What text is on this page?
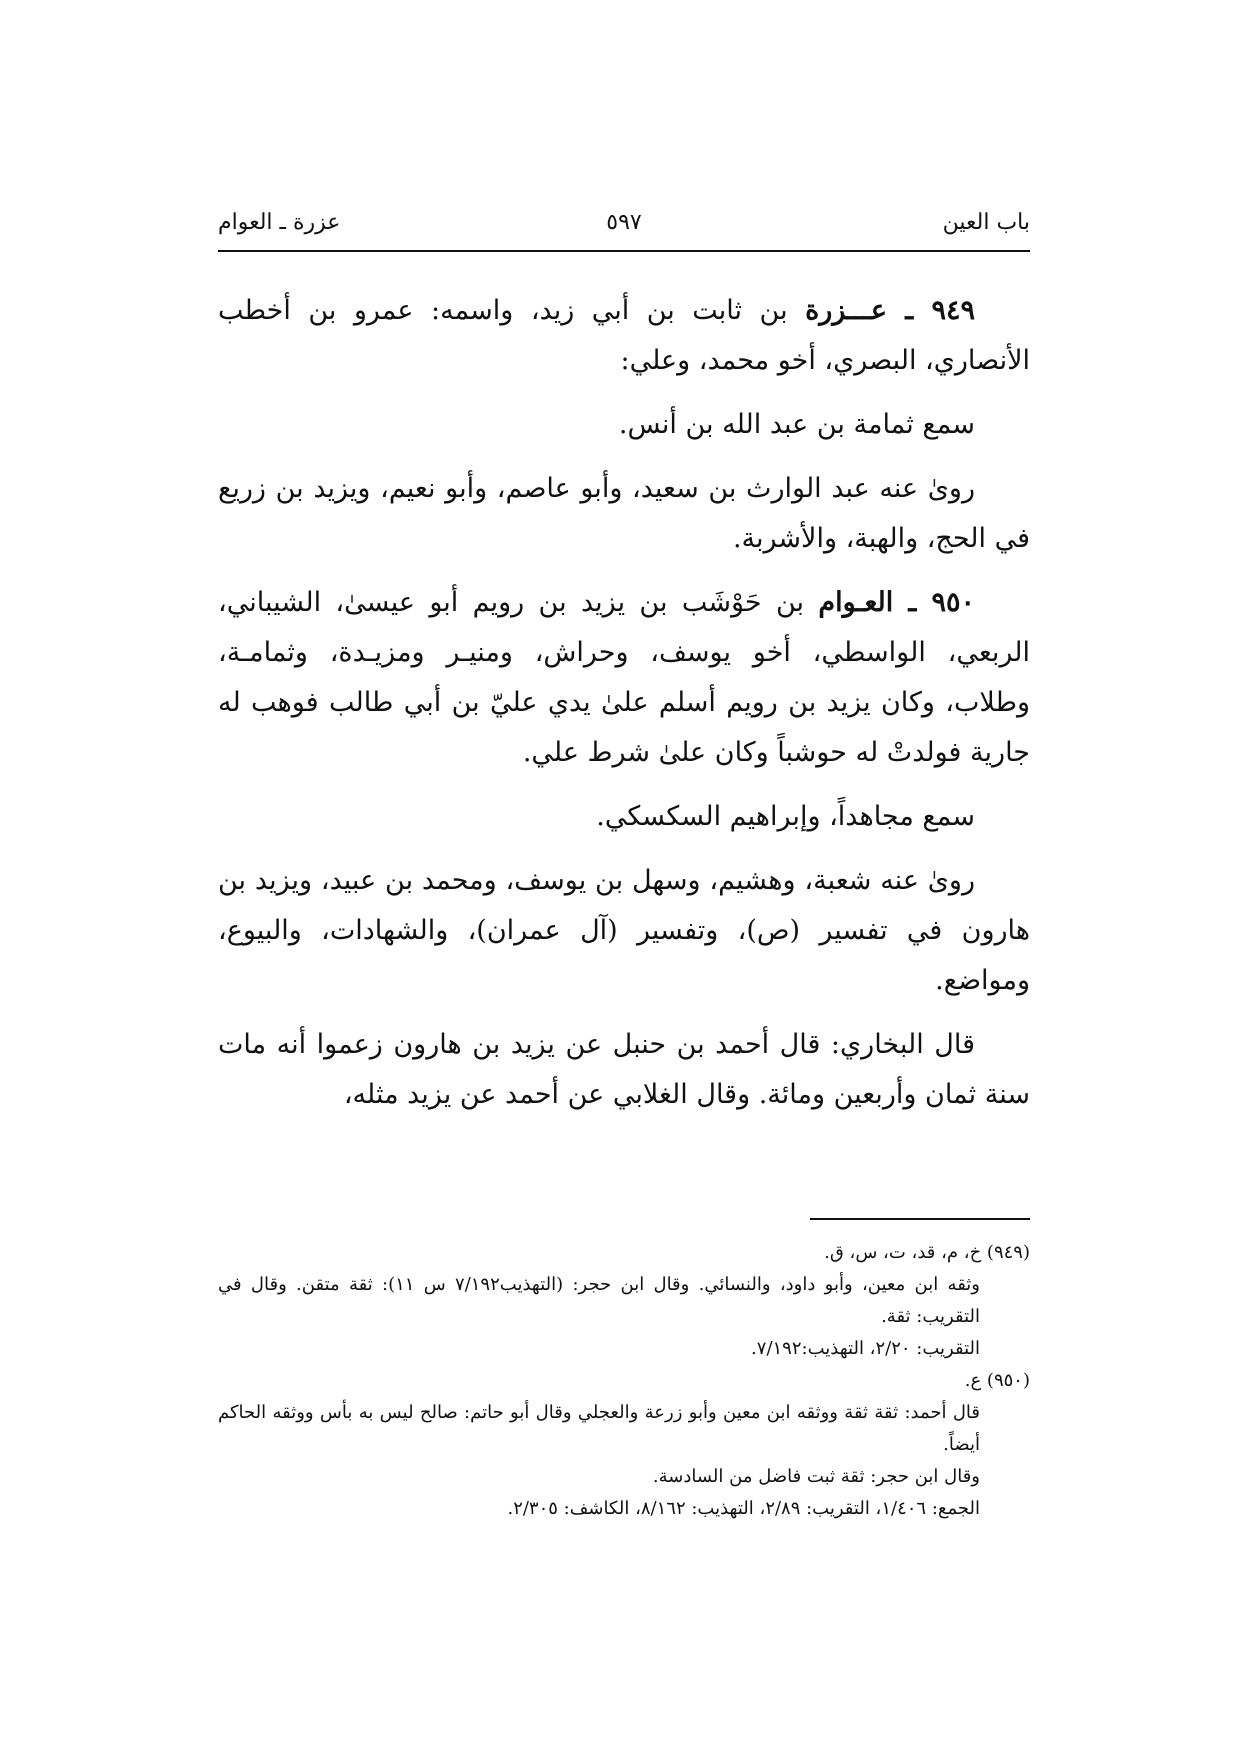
باب العين
٥٩٧
عزرة ـ العوام

٩٤٩ ـ عـــزرة بن ثابت بن أبي زيد، واسمه: عمرو بن أخطب الأنصاري، البصري، أخو محمد، وعلي:

سمع ثمامة بن عبد الله بن أنس.

روىٰ عنه عبد الوارث بن سعيد، وأبو عاصم، وأبو نعيم، ويزيد بن زريع في الحج، والهبة، والأشربة.

٩٥٠ ـ العـوام بن حَوْشَب بن يزيد بن رويم أبو عيسىٰ، الشيباني، الربعي، الواسطي، أخو يوسف، وحراش، ومنيـر ومزيـدة، وثمامـة، وطلاب، وكان يزيد بن رويم أسلم علىٰ يدي عليّ بن أبي طالب فوهب له جارية فولدتْ له حوشباً وكان علىٰ شرط علي.

سمع مجاهداً، وإبراهيم السكسكي.

روىٰ عنه شعبة، وهشيم، وسهل بن يوسف، ومحمد بن عبيد، ويزيد بن هارون في تفسير (ص)، وتفسير (آل عمران)، والشهادات، والبيوع، ومواضع.

قال البخاري: قال أحمد بن حنبل عن يزيد بن هارون زعموا أنه مات سنة ثمان وأربعين ومائة. وقال الغلابي عن أحمد عن يزيد مثله،

(٩٤٩) خ، م، قد، ت، س، ق.

وثقه ابن معين، وأبو داود، والنسائي. وقال ابن حجر: (التهذيب٧/١٩٢ س ١١): ثقة متقن. وقال في التقريب: ثقة.

التقريب: ٢/٢٠، التهذيب:٧/١٩٢.

(٩٥٠) ع.

قال أحمد: ثقة ثقة ووثقه ابن معين وأبو زرعة والعجلي وقال أبو حاتم: صالح ليس به بأس ووثقه الحاكم أيضاً.

وقال ابن حجر: ثقة ثبت فاضل من السادسة.

الجمع: ١/٤٠٦، التقريب: ٢/٨٩، التهذيب: ٨/١٦٢، الكاشف: ٢/٣٠٥.
